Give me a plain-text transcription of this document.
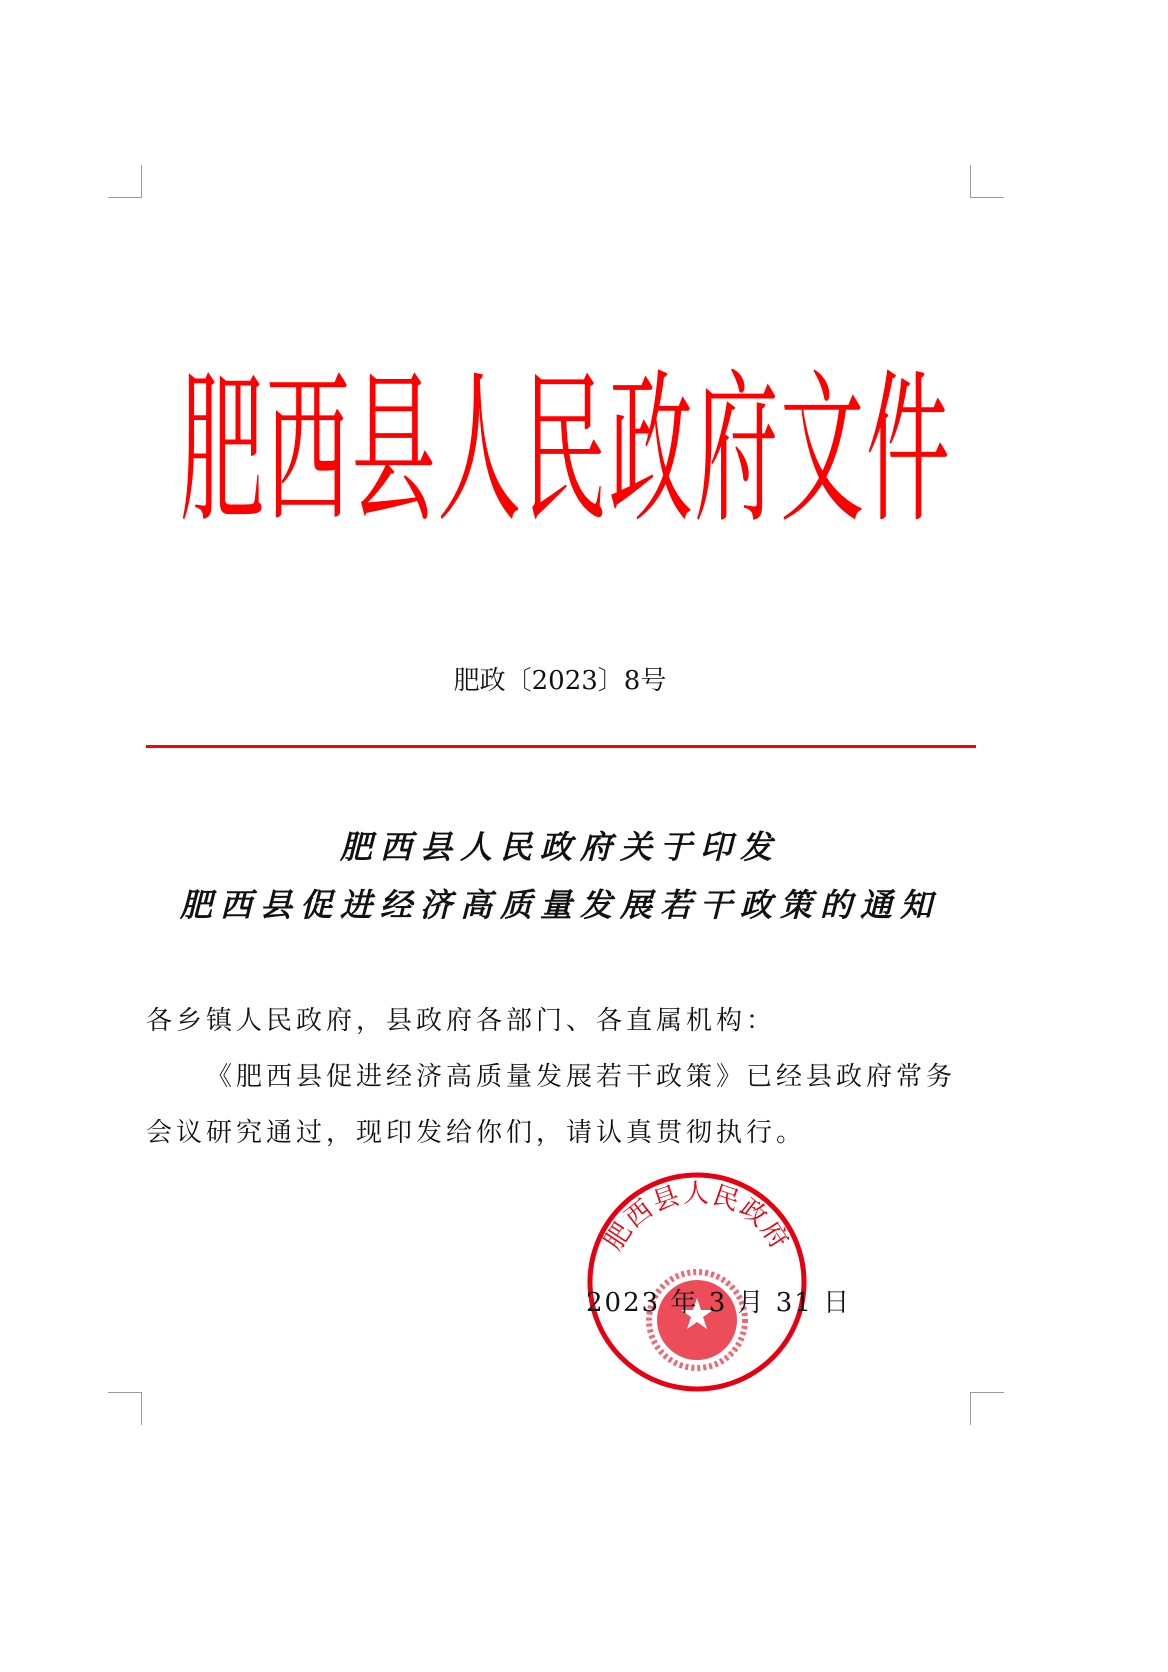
肥 西 县 人 民 政 府 文 件
肥政〔2023〕8号
肥西县人民政府关于印发
肥西县促进经济高质量发展若干政策的通知
各乡镇人民政府，县政府各部门、各直属机构：
《肥西县促进经济高质量发展若干政策》已经县政府常务
会议研究通过，现印发给你们，请认真贯彻执行。
肥西县人民政府
2023 年 3 月 31 日
